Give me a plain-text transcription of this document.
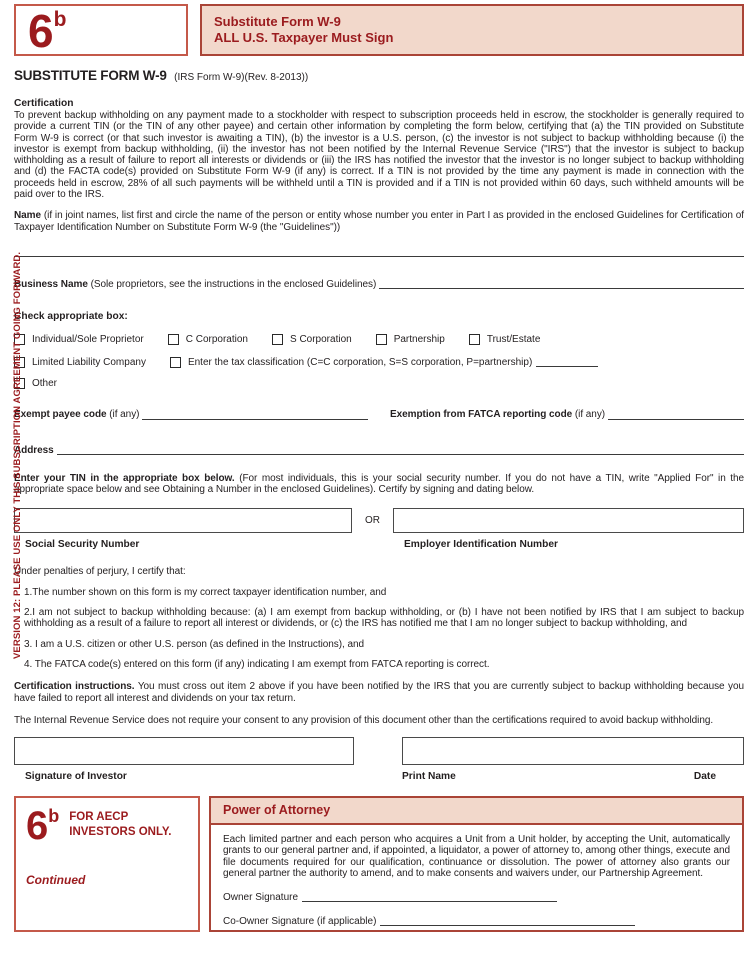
VERSION 12: PLEASE USE ONLY THIS SUBSCRIPTION AGREEMENT GOING FORWARD.
6 b	Substitute Form W-9
ALL U.S. Taxpayer Must Sign
SUBSTITUTE FORM W-9 (IRS Form W-9)(Rev. 8-2013))
Certification

To prevent backup withholding on any payment made to a stockholder with respect to subscription proceeds held in escrow, the stockholder is generally required to provide a current TIN (or the TIN of any other payee) and certain other information by completing the form below, certifying that (a) the TIN provided on Substitute Form W-9 is correct (or that such investor is awaiting a TIN), (b) the investor is a U.S. person, (c) the investor is not subject to backup withholding because (i) the investor is exempt from backup withholding, (ii) the investor has not been notified by the Internal Revenue Service ("IRS") that the investor is subject to backup withholding as a result of failure to report all interests or dividends or (iii) the IRS has notified the investor that the investor is no longer subject to backup withholding and (d) the FACTA code(s) provided on Substitute Form W-9 (if any) is correct. If a TIN is not provided by the time any payment is made in connection with the proceeds held in escrow, 28% of all such payments will be withheld until a TIN is provided and if a TIN is not provided within 60 days, such withheld amounts will be paid over to the IRS.

Name (if in joint names, list first and circle the name of the person or entity whose number you enter in Part I as provided in the enclosed Guidelines for Certification of Taxpayer Identification Number on Substitute Form W-9 (the "Guidelines"))

Business Name
(Sole proprietors, see the instructions in the enclosed Guidelines)
Check appropriate box:
Individual/Sole Proprietor	C Corporation	S Corporation	Partnership	Trust/Estate
Limited Liability Company	Enter the tax classification (C=C corporation, S=S corporation, P=partnership)
Other
Exempt payee code
(if any)	Exemption from FATCA reporting code
(if any)
Address

Enter your TIN in the appropriate box below. (For most individuals, this is your social security number. If you do not have a TIN, write "Applied For" in the appropriate space below and see Obtaining a Number in the enclosed Guidelines). Certify by signing and dating below.

Social Security Number
OR
Employer Identification Number

Under penalties of perjury, I certify that:

1.The number shown on this form is my correct taxpayer identification number, and
2.I am not subject to backup withholding because: (a) I am exempt from backup withholding, or (b) I have not been notified by IRS that I am subject to backup withholding as a result of a failure to report all interest or dividends, or (c) the IRS has notified me that I am no longer subject to backup withholding, and
3. I am a U.S. citizen or other U.S. person (as defined in the Instructions), and
4. The FATCA code(s) entered on this form (if any) indicating I am exempt from FATCA reporting is correct.

Certification instructions. You must cross out item 2 above if you have been notified by the IRS that you are currently subject to backup withholding because you have failed to report all interest and dividends on your tax return.

The Internal Revenue Service does not require your consent to any provision of this document other than the certifications required to avoid backup withholding.

Signature of Investor	Print Name	Date
6 b FOR AECP
INVESTORS ONLY.
Continued
Power of Attorney

Each limited partner and each person who acquires a Unit from a Unit holder, by accepting the Unit, automatically grants to our general partner and, if appointed, a liquidator, a power of attorney to, among other things, execute and file documents required for our qualification, continuance or dissolution. The power of attorney also grants our general partner the authority to amend, and to make consents and waivers under, our Partnership Agreement.

Owner Signature
Co-Owner Signature (if applicable)
